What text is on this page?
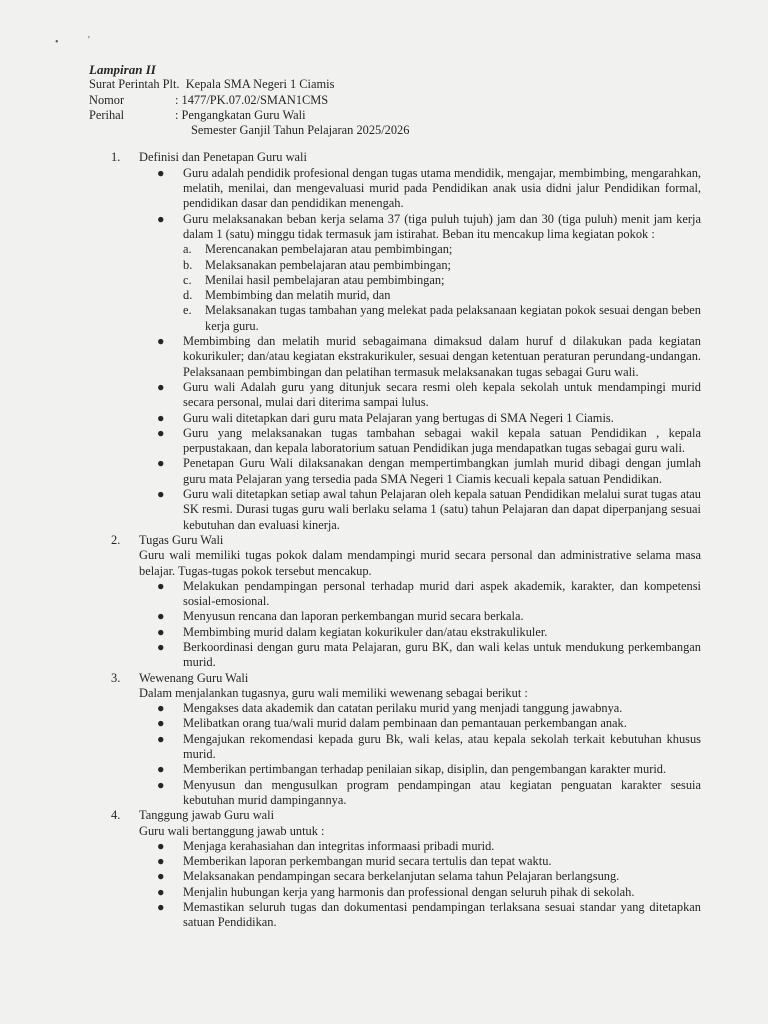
•	'
Lampiran II
Surat Perintah Plt.
Kepala SMA Negeri 1 Ciamis
Nomor	: 1477/PK.07.02/SMAN1CMS
Perihal	: Pengangkatan Guru Wali
Semester Ganjil Tahun Pelajaran 2025/2026
1.	Definisi dan Penetapan Guru wali
● Guru adalah pendidik profesional dengan tugas utama mendidik, mengajar, membimbing, mengarahkan, melatih, menilai, dan mengevaluasi murid pada Pendidikan anak usia didni jalur Pendidikan formal, pendidikan dasar dan pendidikan menengah.
● Guru melaksanakan beban kerja selama 37 (tiga puluh tujuh) jam dan 30 (tiga puluh) menit jam kerja dalam 1 (satu) minggu tidak termasuk jam istirahat. Beban itu mencakup lima kegiatan pokok :
a.	Merencanakan pembelajaran atau pembimbingan;
b.	Melaksanakan pembelajaran atau pembimbingan;
c.	Menilai hasil pembelajaran atau pembimbingan;
d.	Membimbing dan melatih murid, dan
e.	Melaksanakan tugas tambahan yang melekat pada pelaksanaan kegiatan pokok sesuai dengan beben kerja guru.
● Membimbing dan melatih murid sebagaimana dimaksud dalam huruf d dilakukan pada kegiatan kokurikuler; dan/atau kegiatan ekstrakurikuler, sesuai dengan ketentuan peraturan perundang-undangan. Pelaksanaan pembimbingan dan pelatihan termasuk melaksanakan tugas sebagai Guru wali.
● Guru wali Adalah guru yang ditunjuk secara resmi oleh kepala sekolah untuk mendampingi murid secara personal, mulai dari diterima sampai lulus.
● Guru wali ditetapkan dari guru mata Pelajaran yang bertugas di SMA Negeri 1 Ciamis.
● Guru yang melaksanakan tugas tambahan sebagai wakil kepala satuan Pendidikan , kepala perpustakaan, dan kepala laboratorium satuan Pendidikan juga mendapatkan tugas sebagai guru wali.
● Penetapan Guru Wali dilaksanakan dengan mempertimbangkan jumlah murid dibagi dengan jumlah guru mata Pelajaran yang tersedia pada SMA Negeri 1 Ciamis kecuali kepala satuan Pendidikan.
● Guru wali ditetapkan setiap awal tahun Pelajaran oleh kepala satuan Pendidikan melalui surat tugas atau SK resmi. Durasi tugas guru wali berlaku selama 1 (satu) tahun Pelajaran dan dapat diperpanjang sesuai kebutuhan dan evaluasi kinerja.
2.	Tugas Guru Wali
Guru wali memiliki tugas pokok dalam mendampingi murid secara personal dan administrative selama masa belajar. Tugas-tugas pokok tersebut mencakup.
● Melakukan pendampingan personal terhadap murid dari aspek akademik, karakter, dan kompetensi sosial-emosional.
● Menyusun rencana dan laporan perkembangan murid secara berkala.
● Membimbing murid dalam kegiatan kokurikuler dan/atau ekstrakulikuler.
● Berkoordinasi dengan guru mata Pelajaran, guru BK, dan wali kelas untuk mendukung perkembangan murid.
3.	Wewenang Guru Wali
Dalam menjalankan tugasnya, guru wali memiliki wewenang sebagai berikut :
● Mengakses data akademik dan catatan perilaku murid yang menjadi tanggung jawabnya.
● Melibatkan orang tua/wali murid dalam pembinaan dan pemantauan perkembangan anak.
● Mengajukan rekomendasi kepada guru Bk, wali kelas, atau kepala sekolah terkait kebutuhan khusus murid.
● Memberikan pertimbangan terhadap penilaian sikap, disiplin, dan pengembangan karakter murid.
● Menyusun dan mengusulkan program pendampingan atau kegiatan penguatan karakter sesuia kebutuhan murid dampingannya.
4.	Tanggung jawab Guru wali
Guru wali bertanggung jawab untuk :
● Menjaga kerahasiahan dan integritas informaasi pribadi murid.
● Memberikan laporan perkembangan murid secara tertulis dan tepat waktu.
● Melaksanakan pendampingan secara berkelanjutan selama tahun Pelajaran berlangsung.
● Menjalin hubungan kerja yang harmonis dan professional dengan seluruh pihak di sekolah.
● Memastikan seluruh tugas dan dokumentasi pendampingan terlaksana sesuai standar yang ditetapkan satuan Pendidikan.
